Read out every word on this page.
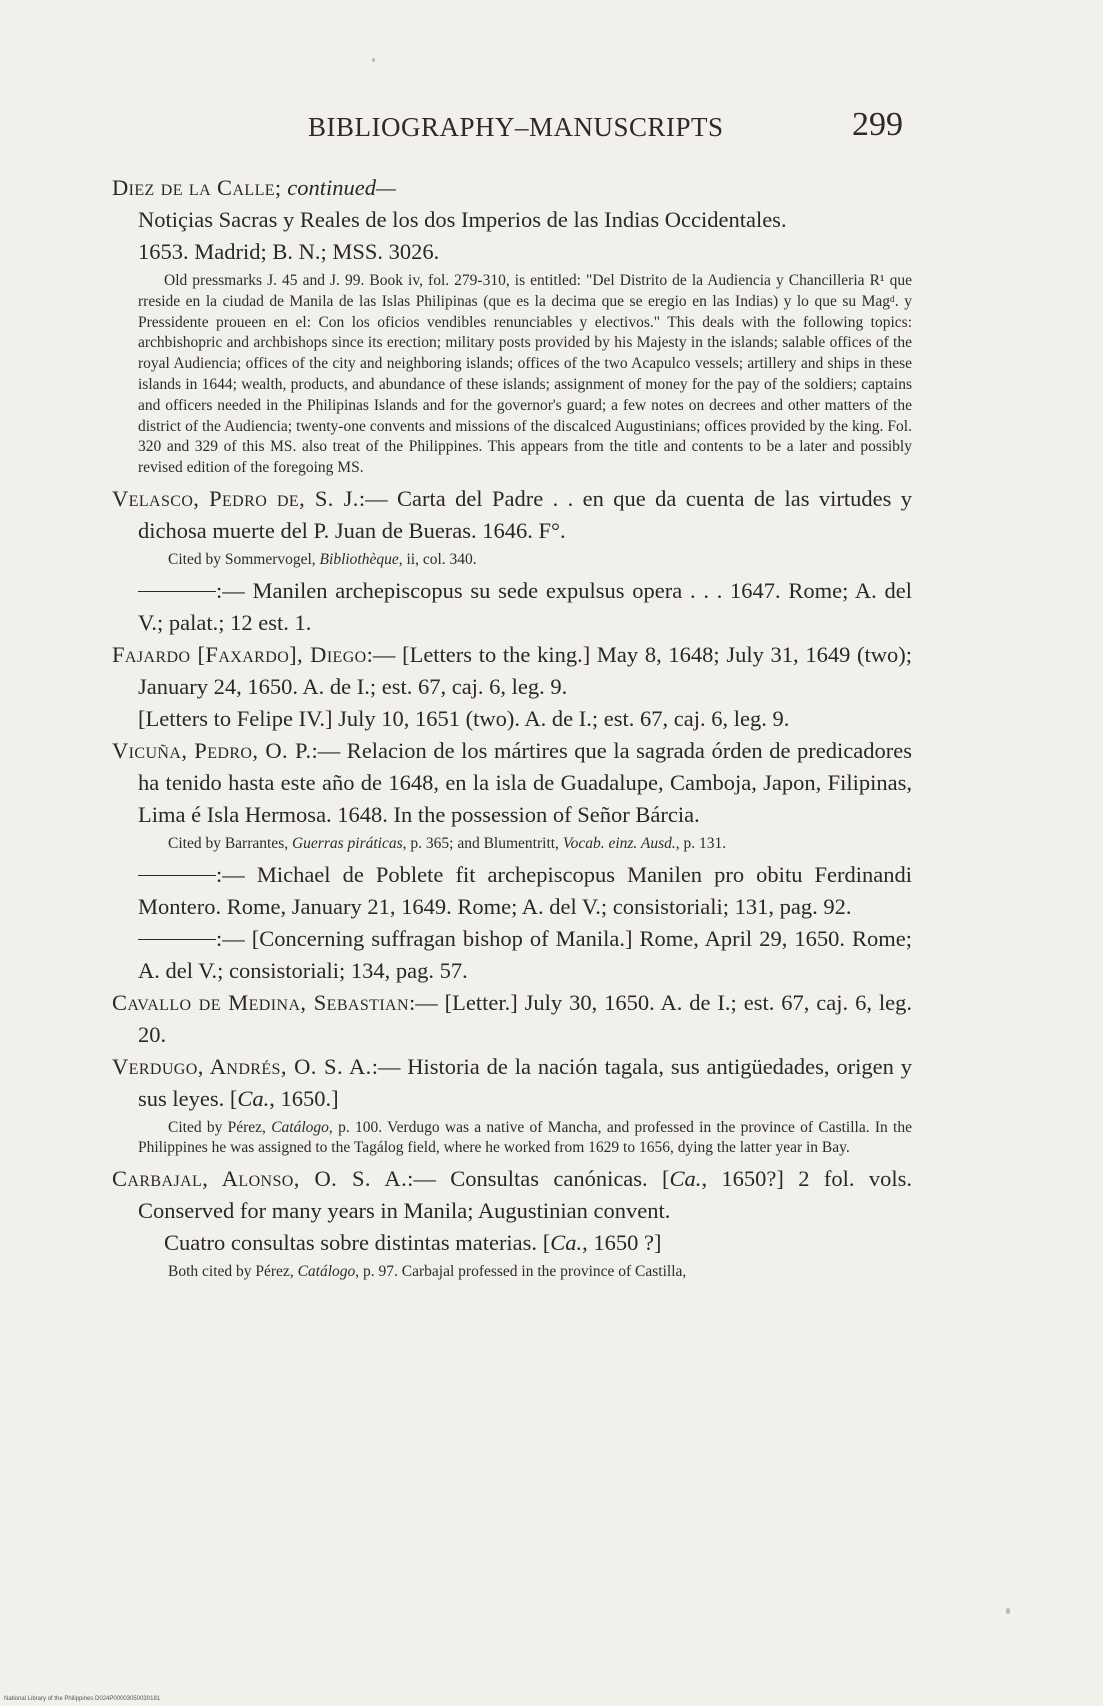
BIBLIOGRAPHY–MANUSCRIPTS	299

Diez de la Calle; continued—

Notiçias Sacras y Reales de los dos Imperios de las Indias Occidentales.

1653. Madrid; B. N.; MSS. 3026.

Old pressmarks J. 45 and J. 99. Book iv, fol. 279-310, is entitled: "Del Distrito de la Audiencia y Chancilleria R¹ que rreside en la ciudad de Manila de las Islas Philipinas (que es la decima que se eregio en las Indias) y lo que su Magᵈ. y Pressidente proueen en el: Con los oficios vendibles renunciables y electivos." This deals with the following topics: archbishopric and archbishops since its erection; military posts provided by his Majesty in the islands; salable offices of the royal Audiencia; offices of the city and neighboring islands; offices of the two Acapulco vessels; artillery and ships in these islands in 1644; wealth, products, and abundance of these islands; assignment of money for the pay of the soldiers; captains and officers needed in the Philipinas Islands and for the governor's guard; a few notes on decrees and other matters of the district of the Audiencia; twenty-one convents and missions of the discalced Augustinians; offices provided by the king. Fol. 320 and 329 of this MS. also treat of the Philippines. This appears from the title and contents to be a later and possibly revised edition of the foregoing MS.

Velasco, Pedro de, S. J.:— Carta del Padre . . en que da cuenta de las virtudes y dichosa muerte del P. Juan de Bueras. 1646. F°.

Cited by Sommervogel, Bibliothèque, ii, col. 340.

:— Manilen archepiscopus su sede expulsus opera . . . 1647. Rome; A. del V.; palat.; 12 est. 1.

Fajardo [Faxardo], Diego:— [Letters to the king.] May 8, 1648; July 31, 1649 (two); January 24, 1650. A. de I.; est. 67, caj. 6, leg. 9.

[Letters to Felipe IV.] July 10, 1651 (two). A. de I.; est. 67, caj. 6, leg. 9.

Vicuña, Pedro, O. P.:— Relacion de los mártires que la sagrada órden de predicadores ha tenido hasta este año de 1648, en la isla de Guadalupe, Camboja, Japon, Filipinas, Lima é Isla Hermosa. 1648. In the possession of Señor Bárcia.

Cited by Barrantes, Guerras piráticas, p. 365; and Blumentritt, Vocab. einz. Ausd., p. 131.

:— Michael de Poblete fit archepiscopus Manilen pro obitu Ferdinandi Montero. Rome, January 21, 1649. Rome; A. del V.; consistoriali; 131, pag. 92.

:— [Concerning suffragan bishop of Manila.] Rome, April 29, 1650. Rome; A. del V.; consistoriali; 134, pag. 57.

Cavallo de Medina, Sebastian:— [Letter.] July 30, 1650. A. de I.; est. 67, caj. 6, leg. 20.

Verdugo, Andrés, O. S. A.:— Historia de la nación tagala, sus antigüedades, origen y sus leyes. [Ca., 1650.]

Cited by Pérez, Catálogo, p. 100. Verdugo was a native of Mancha, and professed in the province of Castilla. In the Philippines he was assigned to the Tagálog field, where he worked from 1629 to 1656, dying the latter year in Bay.

Carbajal, Alonso, O. S. A.:— Consultas canónicas. [Ca., 1650?] 2 fol. vols. Conserved for many years in Manila; Augustinian convent.

Cuatro consultas sobre distintas materias. [Ca., 1650 ?]

Both cited by Pérez, Catálogo, p. 97. Carbajal professed in the province of Castilla,

National Library of the Philippines D024P00003050030181
